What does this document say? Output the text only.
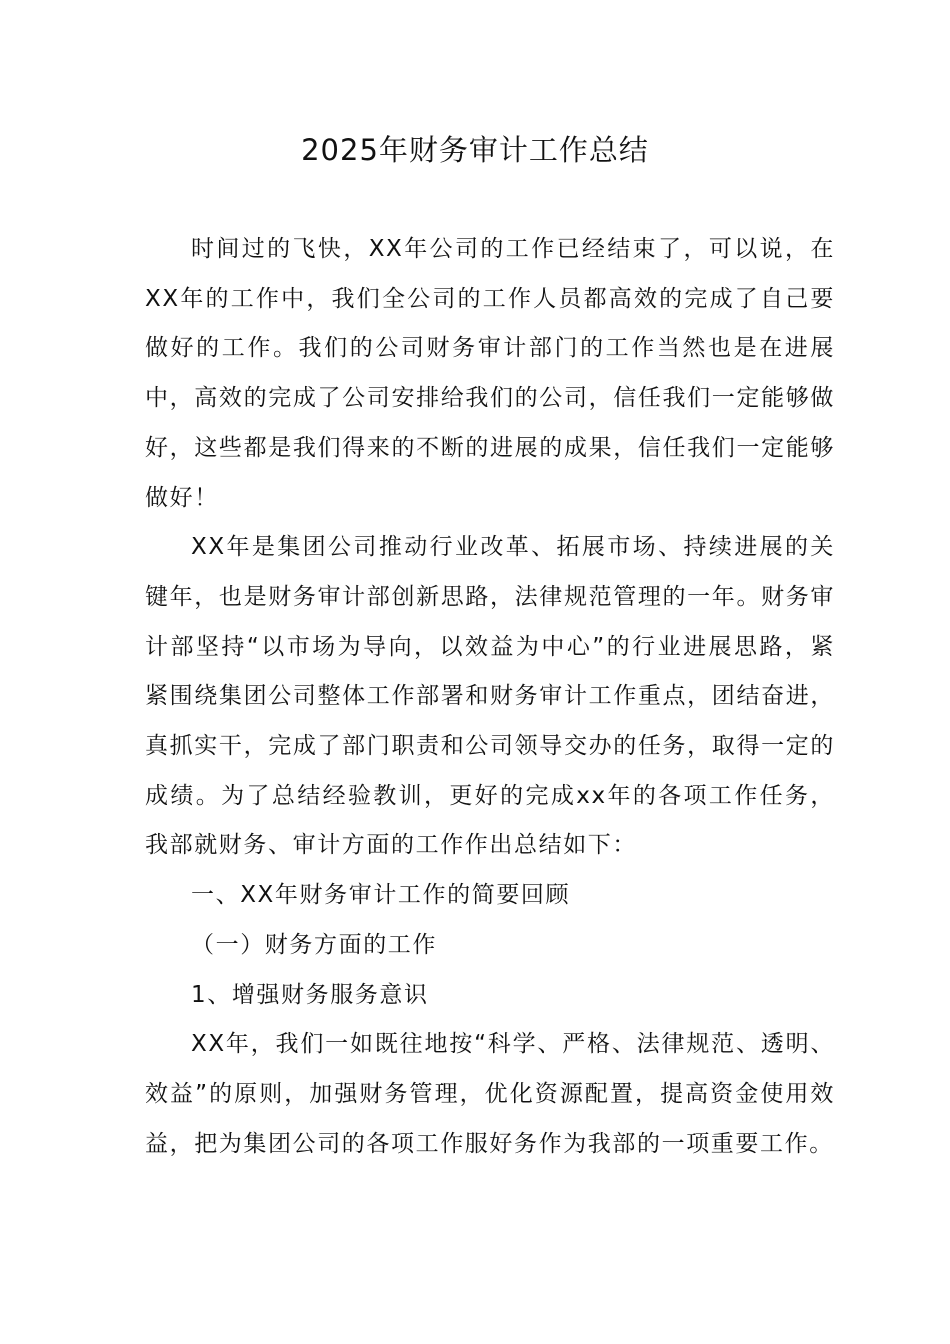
2025年财务审计工作总结

时间过的飞快，XX年公司的工作已经结束了，可以说，在XX年的工作中，我们全公司的工作人员都高效的完成了自己要做好的工作。我们的公司财务审计部门的工作当然也是在进展中，高效的完成了公司安排给我们的公司，信任我们一定能够做好，这些都是我们得来的不断的进展的成果，信任我们一定能够做好！

XX年是集团公司推动行业改革、拓展市场、持续进展的关键年，也是财务审计部创新思路，法律规范管理的一年。财务审计部坚持“以市场为导向，以效益为中心”的行业进展思路，紧紧围绕集团公司整体工作部署和财务审计工作重点，团结奋进，真抓实干，完成了部门职责和公司领导交办的任务，取得一定的成绩。为了总结经验教训，更好的完成xx年的各项工作任务，我部就财务、审计方面的工作作出总结如下：

一、XX年财务审计工作的简要回顾

（一）财务方面的工作

1、增强财务服务意识

XX年，我们一如既往地按“科学、严格、法律规范、透明、效益”的原则，加强财务管理，优化资源配置，提高资金使用效益，把为集团公司的各项工作服好务作为我部的一项重要工作。
